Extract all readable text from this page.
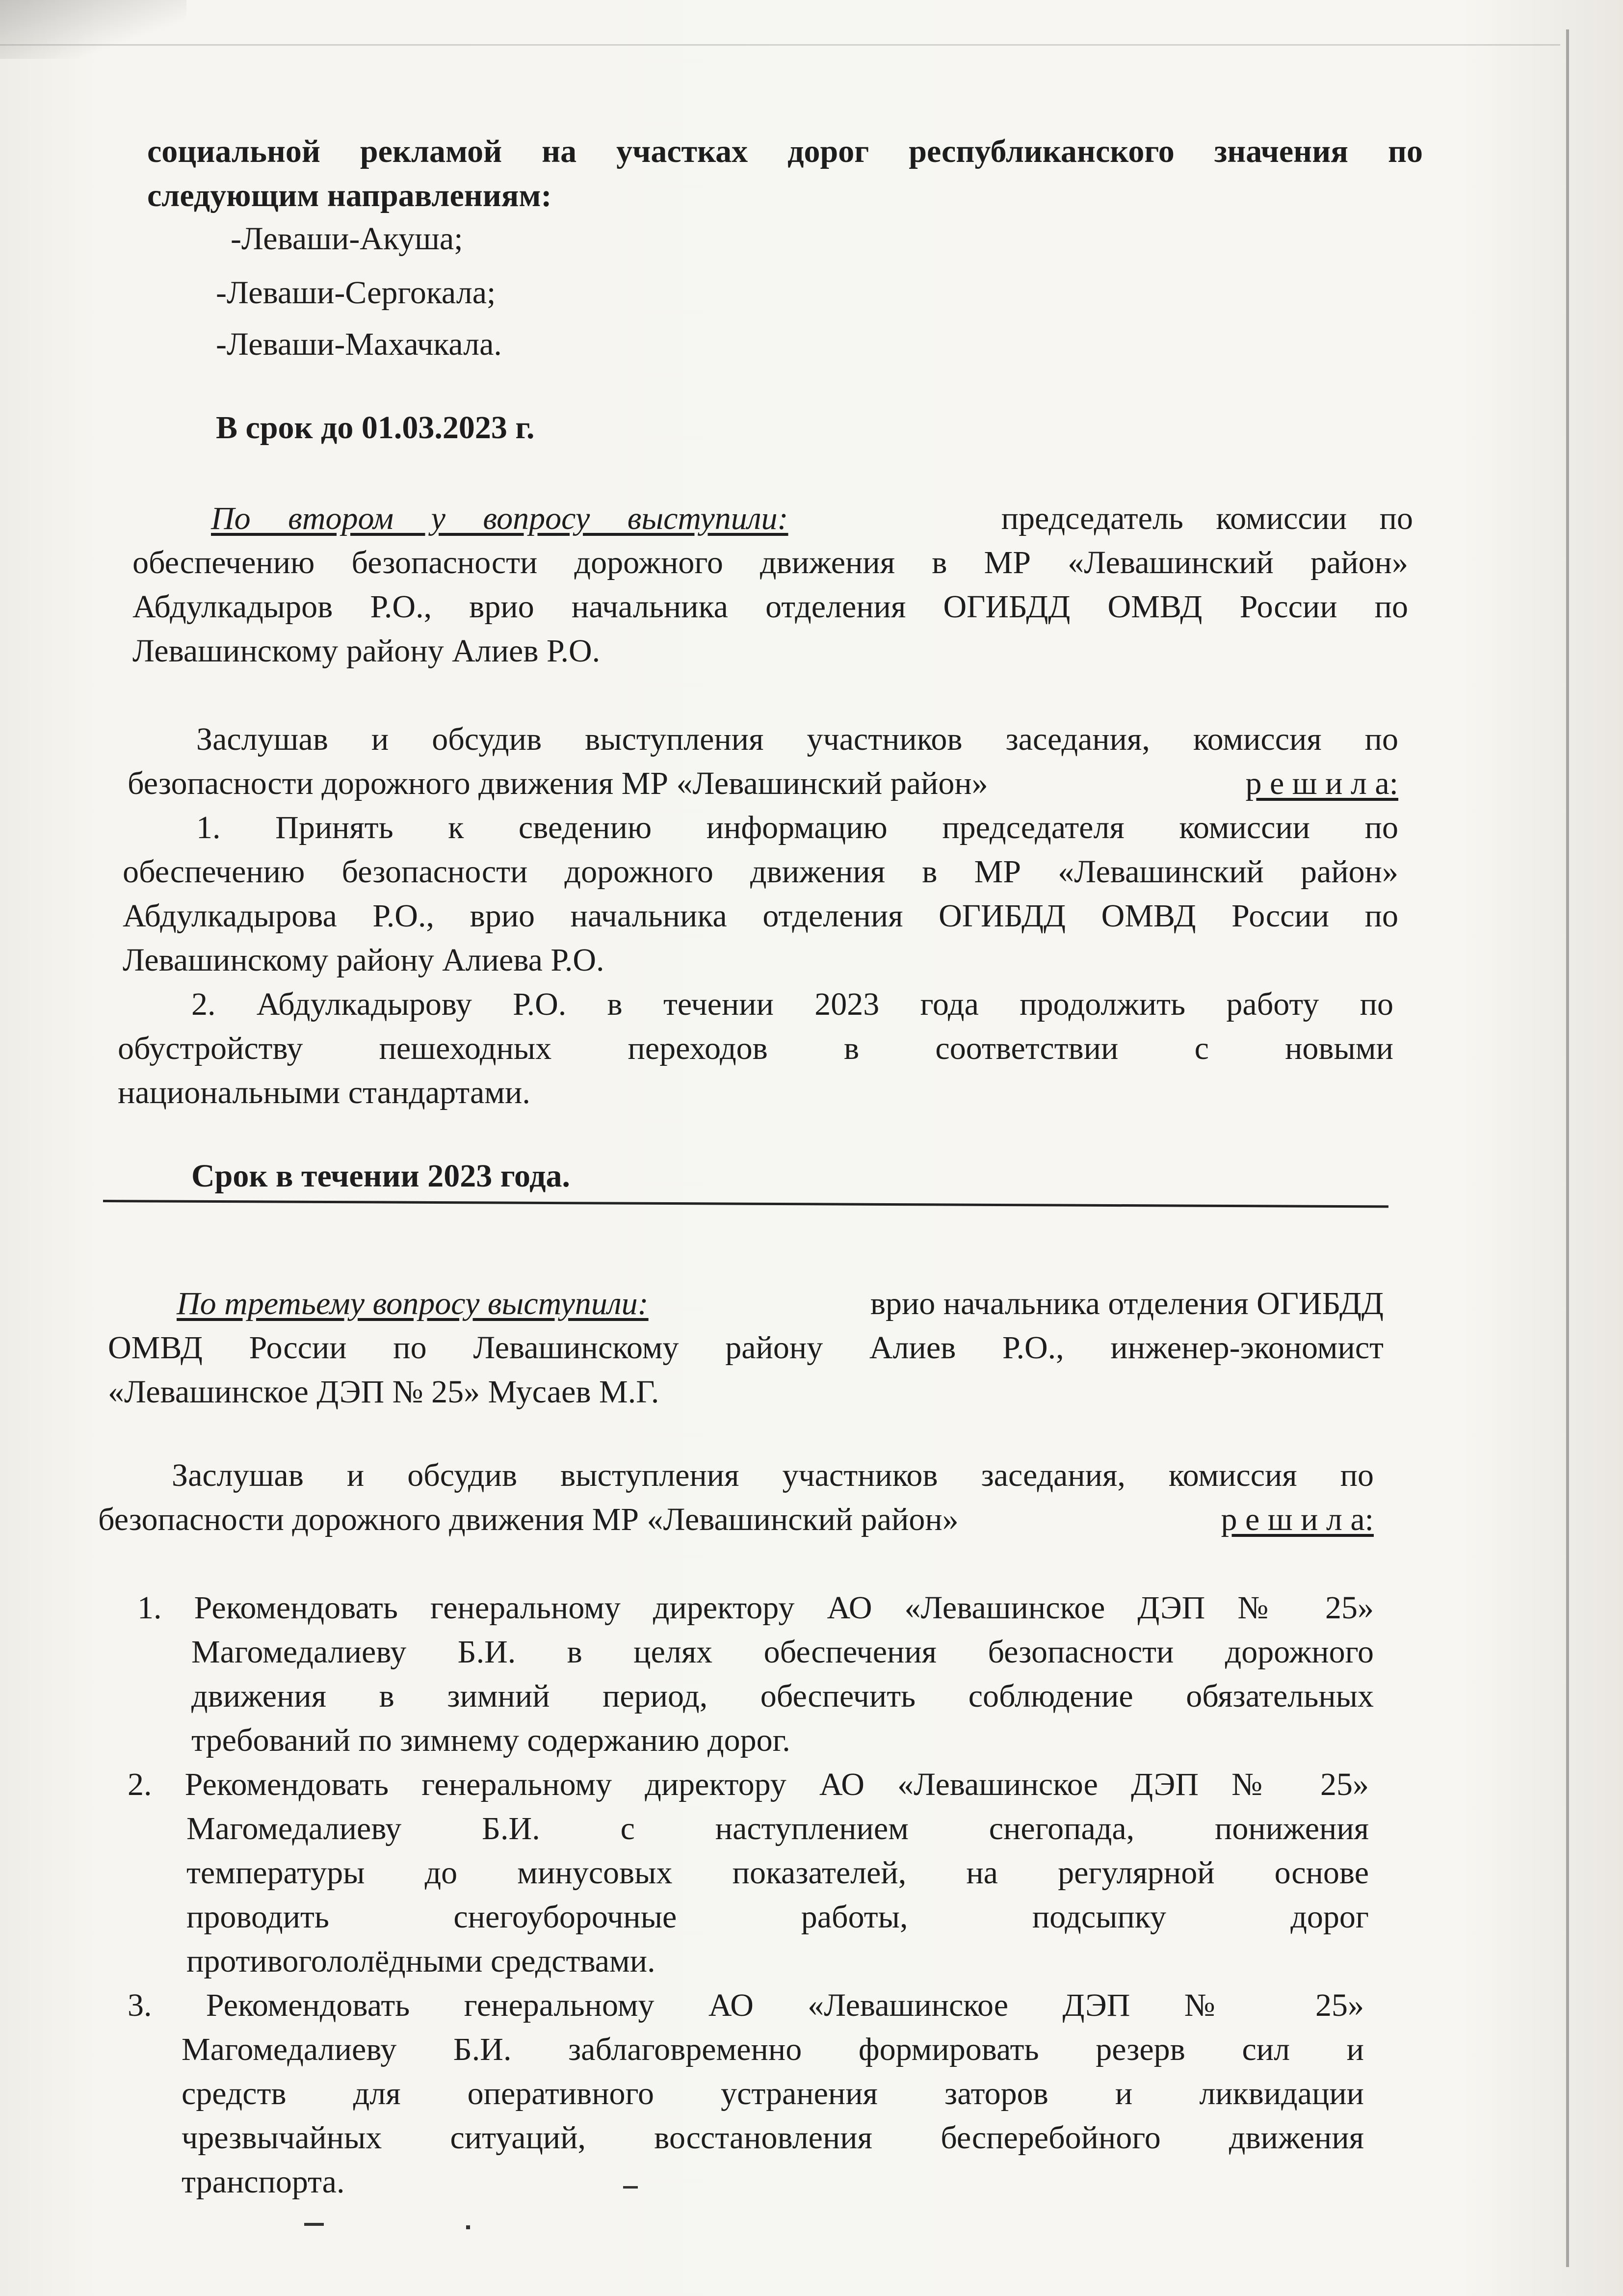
социальной рекламой на участках дорог республиканского значения по
следующим направлениям:
-Леваши-Акуша;
-Леваши-Сергокала;
-Леваши-Махачкала.
В срок до 01.03.2023 г.
По втором у вопросу выступили:	председатель комиссии по
обеспечению безопасности дорожного движения в МР «Левашинский район»
Абдулкадыров Р.О., врио начальника отделения ОГИБДД ОМВД России по
Левашинскому району Алиев Р.О.
Заслушав и обсудив выступления участников заседания, комиссия по
безопасности дорожного движения МР «Левашинский район»	р е ш и л а:
1. Принять к сведению информацию председателя комиссии по
обеспечению безопасности дорожного движения в МР «Левашинский район»
Абдулкадырова Р.О., врио начальника отделения ОГИБДД ОМВД России по
Левашинскому району Алиева Р.О.
2. Абдулкадырову Р.О. в течении 2023 года продолжить работу по
обустройству пешеходных переходов в соответствии с новыми
национальными стандартами.
Срок в течении 2023 года.
По третьему вопросу выступили:	врио начальника отделения ОГИБДД
ОМВД России по Левашинскому району Алиев Р.О., инженер-экономист
«Левашинское ДЭП № 25» Мусаев М.Г.
Заслушав и обсудив выступления участников заседания, комиссия по
безопасности дорожного движения МР «Левашинский район»	р е ш и л а:
1. Рекомендовать генеральному директору АО «Левашинское ДЭП № 25»
Магомедалиеву Б.И. в целях обеспечения безопасности дорожного
движения в зимний период, обеспечить соблюдение обязательных
требований по зимнему содержанию дорог.
2. Рекомендовать генеральному директору АО «Левашинское ДЭП № 25»
Магомедалиеву Б.И. с наступлением снегопада, понижения
температуры до минусовых показателей, на регулярной основе
проводить снегоуборочные работы, подсыпку дорог
противогололёдными средствами.
3. Рекомендовать генеральному АО «Левашинское ДЭП № 25»
Магомедалиеву Б.И. заблаговременно формировать резерв сил и
средств для оперативного устранения заторов и ликвидации
чрезвычайных ситуаций, восстановления бесперебойного движения
транспорта.
